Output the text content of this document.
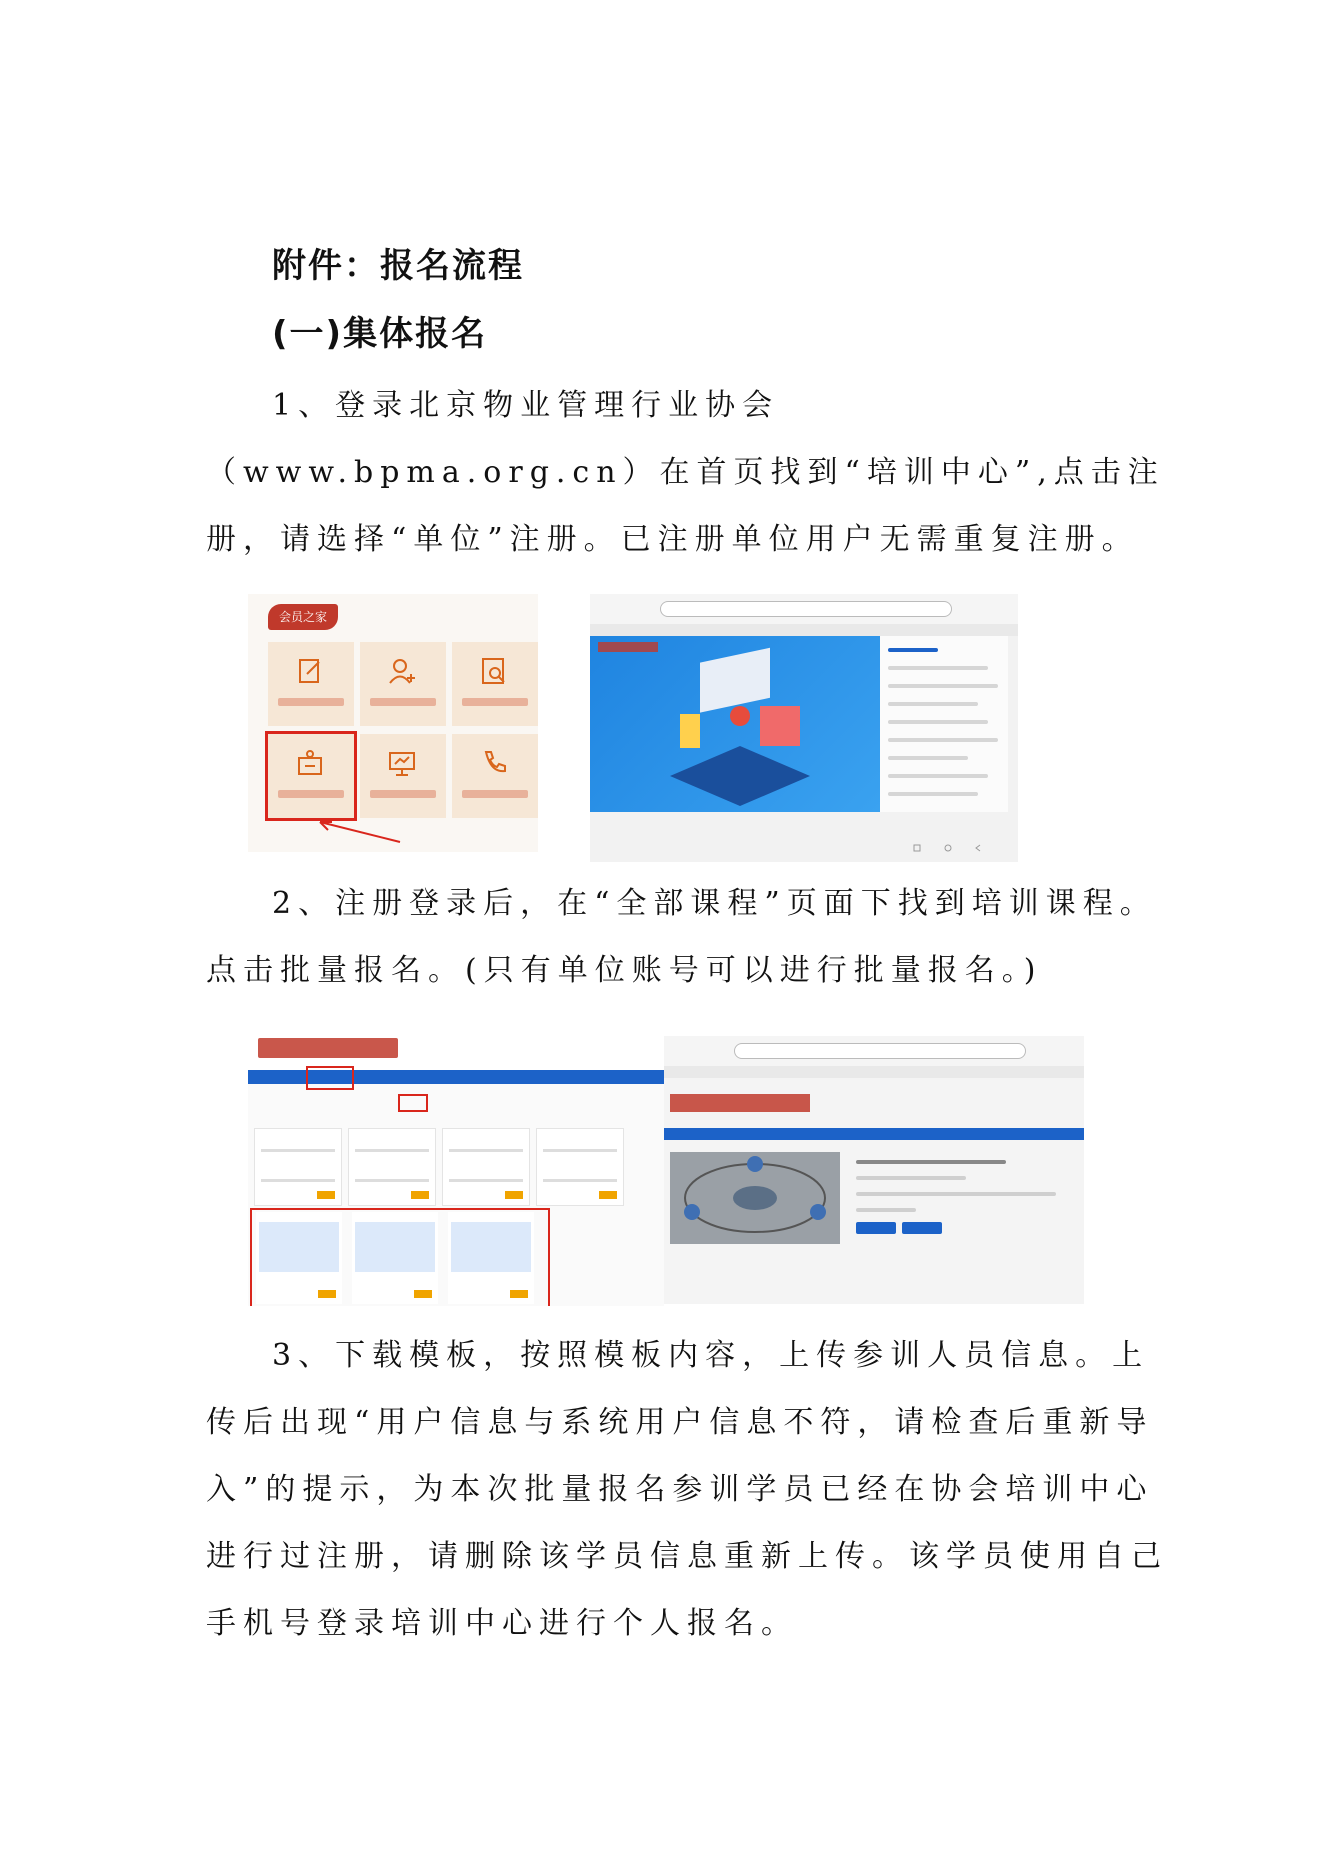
附件：报名流程
(一)集体报名

1、登录北京物业管理行业协会（www.bpma.org.cn）在首页找到“培训中心”,点击注册，请选择“单位”注册。已注册单位用户无需重复注册。

会员之家

2、注册登录后，在“全部课程”页面下找到培训课程。点击批量报名。(只有单位账号可以进行批量报名。)

3、下载模板，按照模板内容，上传参训人员信息。上传后出现“用户信息与系统用户信息不符，请检查后重新导入”的提示，为本次批量报名参训学员已经在协会培训中心进行过注册，请删除该学员信息重新上传。该学员使用自己手机号登录培训中心进行个人报名。
